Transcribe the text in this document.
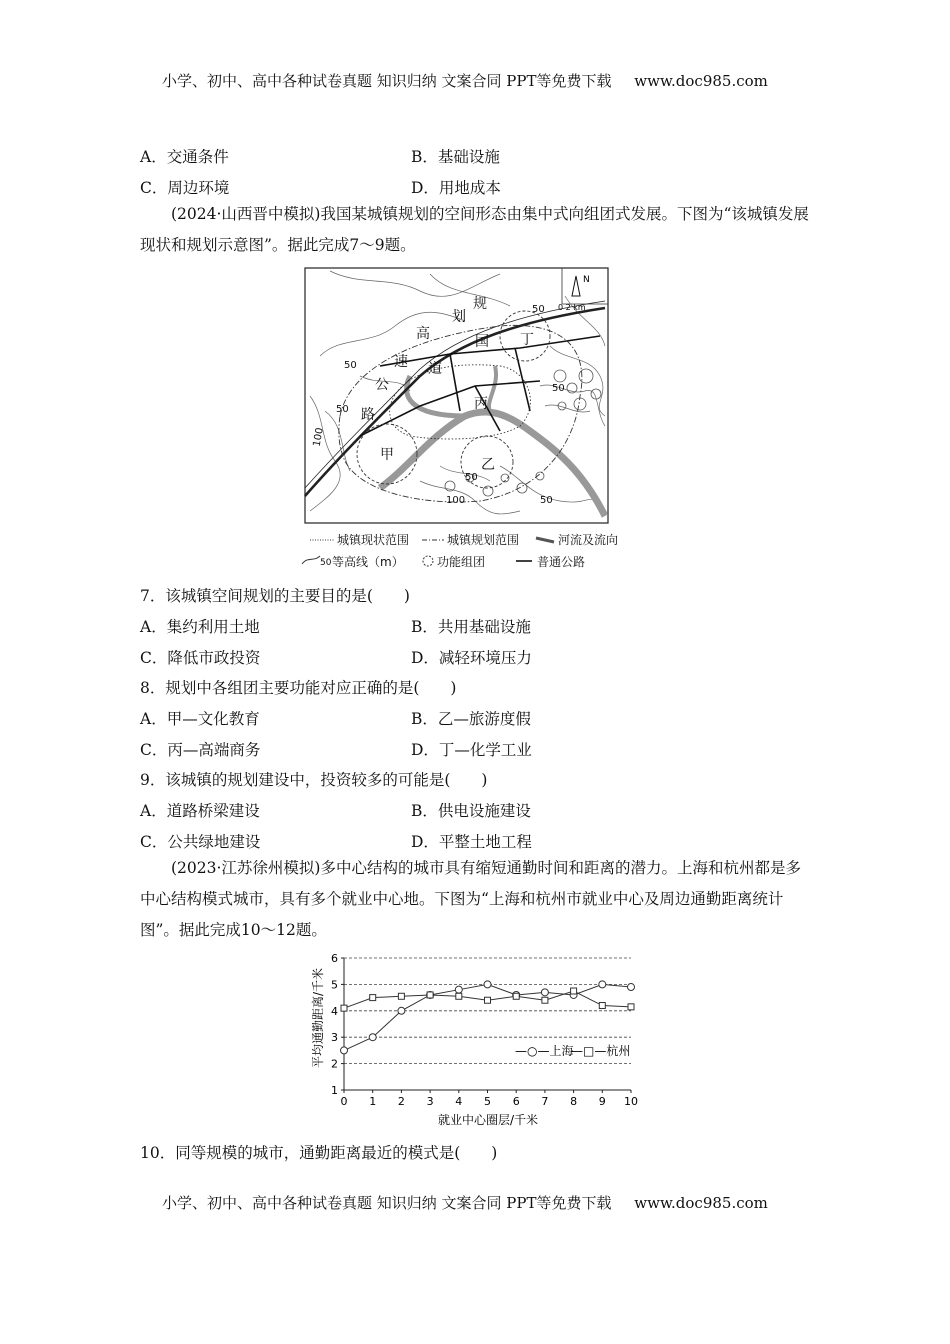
小学、初中、高中各种试卷真题 知识归纳 文案合同 PPT等免费下载 www.doc985.com
A．交通条件	B．基础设施
C．周边环境	D．用地成本
(2024·山西晋中模拟)我国某城镇规划的空间形态由集中式向组团式发展。下图为“该城镇发展现状和规划示意图”。据此完成7～9题。
N
0 2 km
规
划
高	国 丁
速 道
公
路
丙
甲
乙
50
50
50
50
50
50
100
100
城镇现状范围	城镇规划范围	河流及流向
50 等高线（m）	功能组团	普通公路
7．该城镇空间规划的主要目的是(　　)
A．集约利用土地	B．共用基础设施
C．降低市政投资	D．减轻环境压力
8．规划中各组团主要功能对应正确的是(　　)
A．甲—文化教育	B．乙—旅游度假
C．丙—高端商务	D．丁—化学工业
9．该城镇的规划建设中，投资较多的可能是(　　)
A．道路桥梁建设	B．供电设施建设
C．公共绿地建设	D．平整土地工程
(2023·江苏徐州模拟)多中心结构的城市具有缩短通勤时间和距离的潜力。上海和杭州都是多中心结构模式城市，具有多个就业中心地。下图为“上海和杭州市就业中心及周边通勤距离统计图”。据此完成10～12题。
1
2
3
4
5
6
0 1 2 3 4 5 6 7 8 9 10
平均通勤距离/千米
就业中心圈层/千米
—○—上海
—□—杭州
10．同等规模的城市，通勤距离最近的模式是(　　)
小学、初中、高中各种试卷真题 知识归纳 文案合同 PPT等免费下载 www.doc985.com
